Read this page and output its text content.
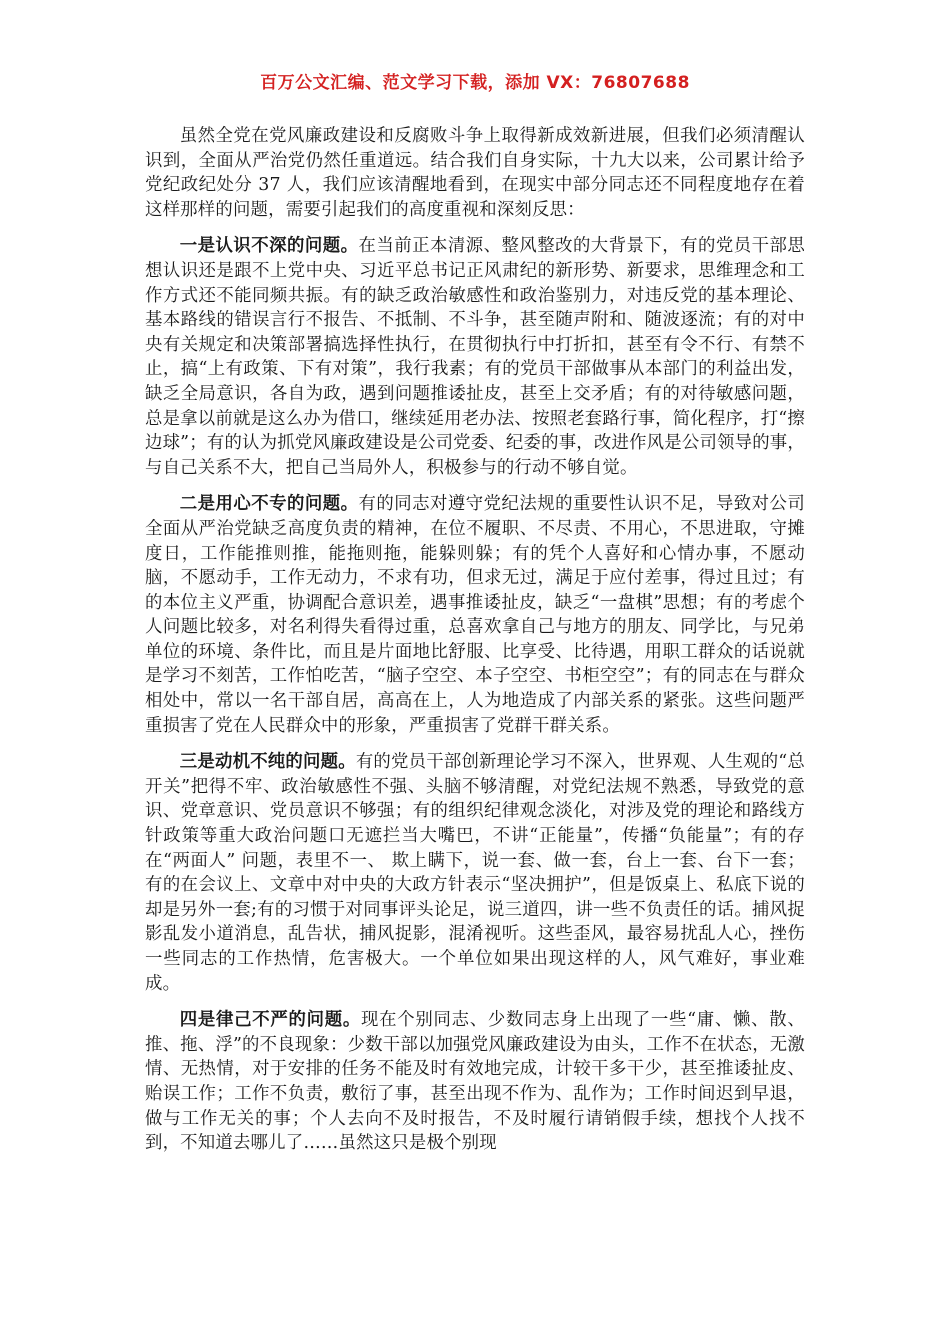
百万公文汇编、范文学习下载，添加 VX：76807688

虽然全党在党风廉政建设和反腐败斗争上取得新成效新进展，但我们必须清醒认识到，全面从严治党仍然任重道远。结合我们自身实际，十九大以来，公司累计给予党纪政纪处分 37 人，我们应该清醒地看到，在现实中部分同志还不同程度地存在着这样那样的问题，需要引起我们的高度重视和深刻反思：

一是认识不深的问题。在当前正本清源、整风整改的大背景下，有的党员干部思想认识还是跟不上党中央、习近平总书记正风肃纪的新形势、新要求，思维理念和工作方式还不能同频共振。有的缺乏政治敏感性和政治鉴别力，对违反党的基本理论、基本路线的错误言行不报告、不抵制、不斗争，甚至随声附和、随波逐流；有的对中央有关规定和决策部署搞选择性执行，在贯彻执行中打折扣，甚至有令不行、有禁不止，搞“上有政策、下有对策”，我行我素；有的党员干部做事从本部门的利益出发，缺乏全局意识，各自为政，遇到问题推诿扯皮，甚至上交矛盾；有的对待敏感问题，总是拿以前就是这么办为借口，继续延用老办法、按照老套路行事，简化程序，打“擦边球”；有的认为抓党风廉政建设是公司党委、纪委的事，改进作风是公司领导的事，与自己关系不大，把自己当局外人，积极参与的行动不够自觉。

二是用心不专的问题。有的同志对遵守党纪法规的重要性认识不足，导致对公司全面从严治党缺乏高度负责的精神，在位不履职、不尽责、不用心，不思进取，守摊度日，工作能推则推，能拖则拖，能躲则躲；有的凭个人喜好和心情办事，不愿动脑，不愿动手，工作无动力，不求有功，但求无过，满足于应付差事，得过且过；有的本位主义严重，协调配合意识差，遇事推诿扯皮，缺乏“一盘棋”思想；有的考虑个人问题比较多，对名利得失看得过重，总喜欢拿自己与地方的朋友、同学比，与兄弟单位的环境、条件比，而且是片面地比舒服、比享受、比待遇，用职工群众的话说就是学习不刻苦，工作怕吃苦，“脑子空空、本子空空、书柜空空”；有的同志在与群众相处中，常以一名干部自居，高高在上，人为地造成了内部关系的紧张。这些问题严重损害了党在人民群众中的形象，严重损害了党群干群关系。

三是动机不纯的问题。有的党员干部创新理论学习不深入，世界观、人生观的“总开关”把得不牢、政治敏感性不强、头脑不够清醒，对党纪法规不熟悉，导致党的意识、党章意识、党员意识不够强；有的组织纪律观念淡化，对涉及党的理论和路线方针政策等重大政治问题口无遮拦当大嘴巴，不讲“正能量”，传播“负能量”；有的存在“两面人” 问题，表里不一、 欺上瞒下，说一套、做一套，台上一套、台下一套；有的在会议上、文章中对中央的大政方针表示“坚决拥护”，但是饭桌上、私底下说的却是另外一套;有的习惯于对同事评头论足，说三道四，讲一些不负责任的话。捕风捉影乱发小道消息，乱告状，捕风捉影，混淆视听。这些歪风，最容易扰乱人心，挫伤一些同志的工作热情，危害极大。一个单位如果出现这样的人，风气难好，事业难成。

四是律己不严的问题。现在个别同志、少数同志身上出现了一些“庸、懒、散、推、拖、浮”的不良现象：少数干部以加强党风廉政建设为由头，工作不在状态，无激情、无热情，对于安排的任务不能及时有效地完成，计较干多干少，甚至推诿扯皮、贻误工作；工作不负责，敷衍了事，甚至出现不作为、乱作为；工作时间迟到早退，做与工作无关的事；个人去向不及时报告，不及时履行请销假手续，想找个人找不到，不知道去哪儿了……虽然这只是极个别现
